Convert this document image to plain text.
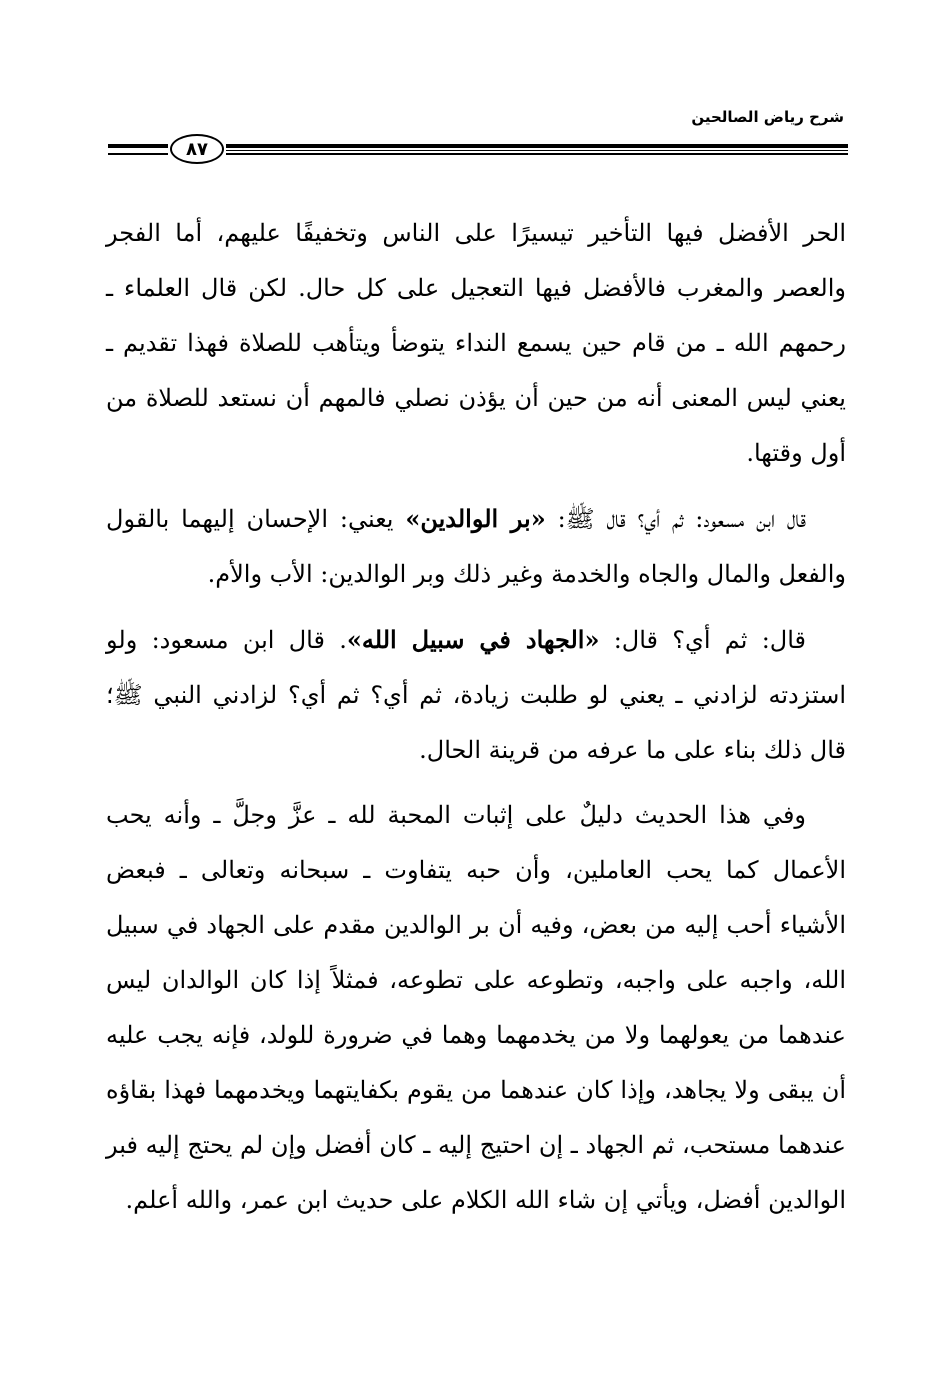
شرح رياض الصالحين
٨٧

الحر الأفضل فيها التأخير تيسيرًا على الناس وتخفيفًا عليهم، أما الفجر والعصر والمغرب فالأفضل فيها التعجيل على كل حال. لكن قال العلماء ـ رحمهم الله ـ من قام حين يسمع النداء يتوضأ ويتأهب للصلاة فهذا تقديم ـ يعني ليس المعنى أنه من حين أن يؤذن نصلي فالمهم أن نستعد للصلاة من أول وقتها.

قال ابن مسعود: ثم أي؟ قال ﷺ: «بر الوالدين» يعني: الإحسان إليهما بالقول والفعل والمال والجاه والخدمة وغير ذلك وبر الوالدين: الأب والأم.

قال: ثم أي؟ قال: «الجهاد في سبيل الله». قال ابن مسعود: ولو استزدته لزادني ـ يعني لو طلبت زيادة، ثم أي؟ ثم أي؟ لزادني النبي ﷺ؛ قال ذلك بناء على ما عرفه من قرينة الحال.

وفي هذا الحديث دليلٌ على إثبات المحبة لله ـ عزَّ وجلَّ ـ وأنه يحب الأعمال كما يحب العاملين، وأن حبه يتفاوت ـ سبحانه وتعالى ـ فبعض الأشياء أحب إليه من بعض، وفيه أن بر الوالدين مقدم على الجهاد في سبيل الله، واجبه على واجبه، وتطوعه على تطوعه، فمثلاً إذا كان الوالدان ليس عندهما من يعولهما ولا من يخدمهما وهما في ضرورة للولد، فإنه يجب عليه أن يبقى ولا يجاهد، وإذا كان عندهما من يقوم بكفايتهما ويخدمهما فهذا بقاؤه عندهما مستحب، ثم الجهاد ـ إن احتيج إليه ـ كان أفضل وإن لم يحتج إليه فبر الوالدين أفضل، ويأتي إن شاء الله الكلام على حديث ابن عمر، والله أعلم.
